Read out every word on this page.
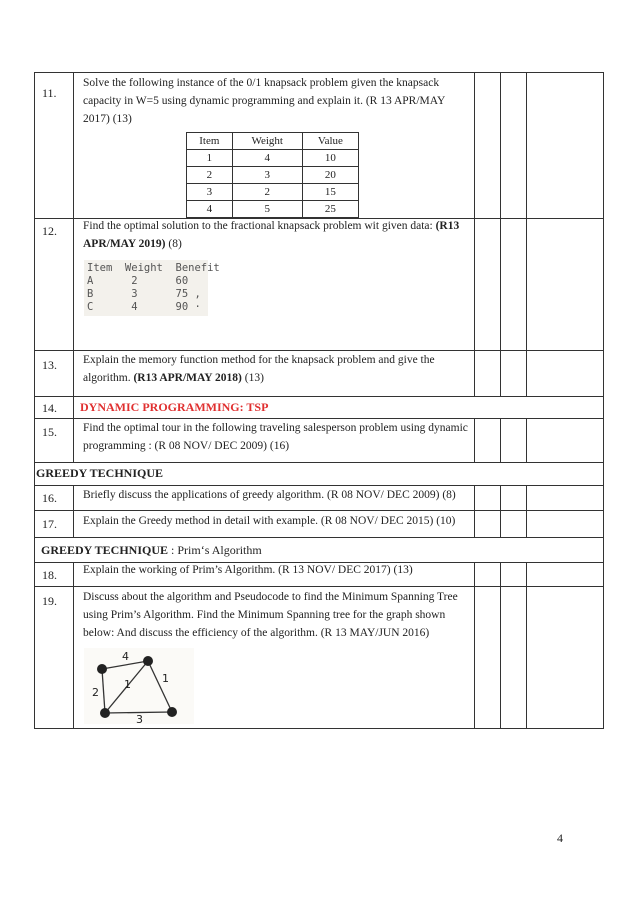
11.
Solve the following instance of the 0/1 knapsack problem given the knapsack capacity in W=5 using dynamic programming and explain it. (R 13 APR/MAY 2017) (13)
Item	Weight	Value
1	4	10
2	3	20
3	2	15
4	5	25
12. Find the optimal solution to the fractional knapsack problem wit given data: (R13 APR/MAY 2019) (8)
Item  Weight  Benefit
A      2      60
B      3      75 ,
C      4      90 ·
13. Explain the memory function method for the knapsack problem and give the algorithm. (R13 APR/MAY 2018) (13)
14. DYNAMIC PROGRAMMING: TSP
15. Find the optimal tour in the following traveling salesperson problem using dynamic programming : (R 08 NOV/ DEC 2009) (16)
GREEDY TECHNIQUE
16. Briefly discuss the applications of greedy algorithm. (R 08 NOV/ DEC 2009) (8)
17. Explain the Greedy method in detail with example. (R 08 NOV/ DEC 2015) (10)
GREEDY TECHNIQUE : Prim‘s Algorithm
18. Explain the working of Prim’s Algorithm. (R 13 NOV/ DEC 2017) (13)
19. Discuss about the algorithm and Pseudocode to find the Minimum Spanning Tree using Prim’s Algorithm. Find the Minimum Spanning tree for the graph shown below: And discuss the efficiency of the algorithm. (R 13 MAY/JUN 2016)
4
1
2
1
3
4
